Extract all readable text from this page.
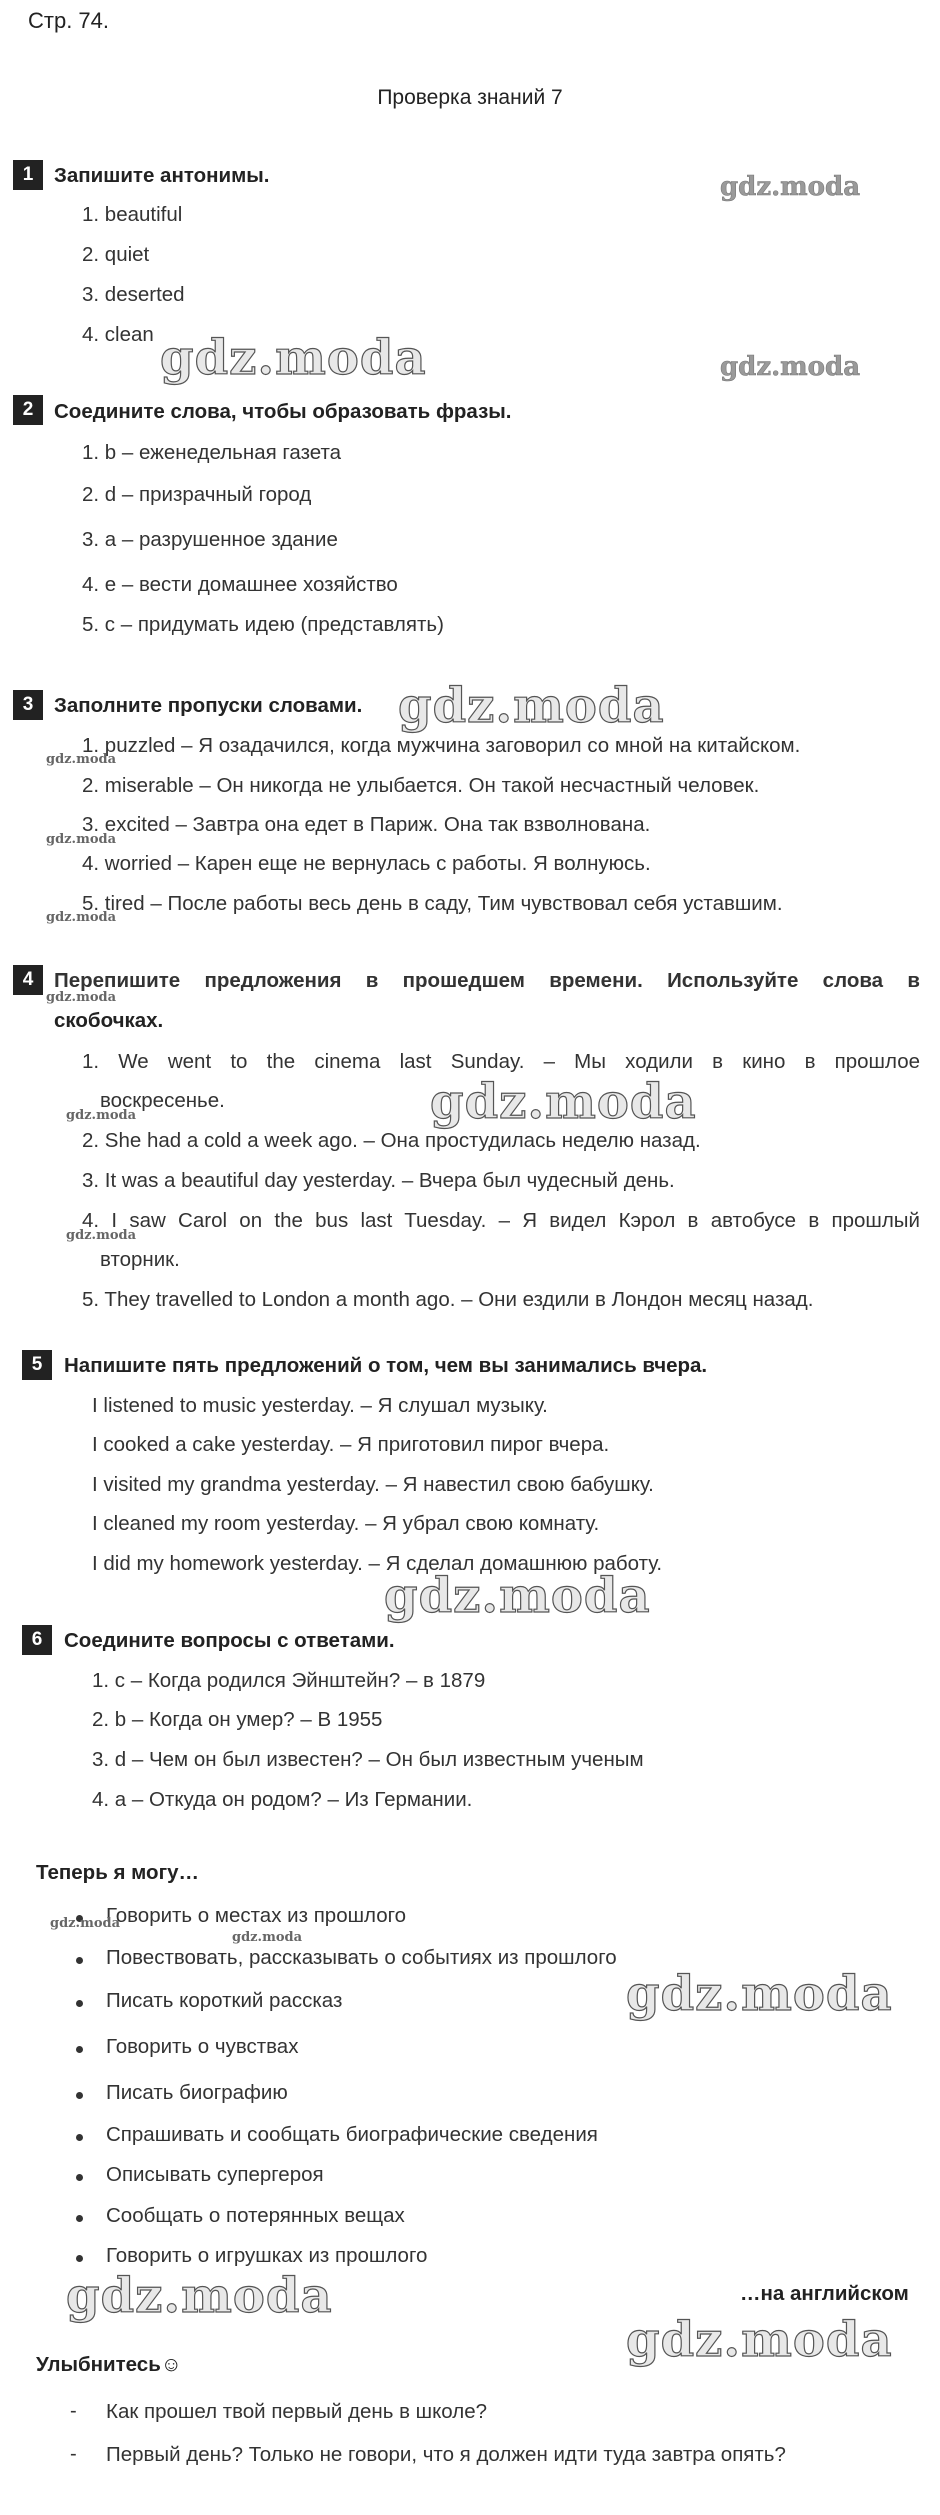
Стр. 74.
Проверка знаний 7
1	Запишите антонимы.
1. beautiful
2. quiet
3. deserted
4. clean
2	Соедините слова, чтобы образовать фразы.
1. b – еженедельная газета
2. d – призрачный город
3. a – разрушенное здание
4. e – вести домашнее хозяйство
5. c – придумать идею (представлять)
3	Заполните пропуски словами.
1. puzzled – Я озадачился, когда мужчина заговорил со мной на китайском.
2. miserable – Он никогда не улыбается. Он такой несчастный человек.
3. excited – Завтра она едет в Париж. Она так взволнована.
4. worried – Карен еще не вернулась с работы. Я волнуюсь.
5. tired – После работы весь день в саду, Тим чувствовал себя уставшим.
4	Перепишите предложения в прошедшем времени. Используйте слова в
скобочках.
1. We went to the cinema last Sunday. – Мы ходили в кино в прошлое
воскресенье.
2. She had a cold a week ago. – Она простудилась неделю назад.
3. It was a beautiful day yesterday. – Вчера был чудесный день.
4. I saw Carol on the bus last Tuesday. – Я видел Кэрол в автобусе в прошлый
вторник.
5. They travelled to London a month ago. – Они ездили в Лондон месяц назад.
5	Напишите пять предложений о том, чем вы занимались вчера.
I listened to music yesterday. – Я слушал музыку.
I cooked a cake yesterday. – Я приготовил пирог вчера.
I visited my grandma yesterday. – Я навестил свою бабушку.
I cleaned my room yesterday. – Я убрал свою комнату.
I did my homework yesterday. – Я сделал домашнюю работу.
6	Соедините вопросы с ответами.
1. c – Когда родился Эйнштейн? – в 1879
2. b – Когда он умер? – В 1955
3. d – Чем он был известен? – Он был известным ученым
4. a – Откуда он родом? – Из Германии.
Теперь я могу…
Говорить о местах из прошлого
Повествовать, рассказывать о событиях из прошлого
Писать короткий рассказ
Говорить о чувствах
Писать биографию
Спрашивать и сообщать биографические сведения
Описывать супергероя
Сообщать о потерянных вещах
Говорить о игрушках из прошлого
…на английском
Улыбнитесь☺
- Как прошел твой первый день в школе?
- Первый день? Только не говори, что я должен идти туда завтра опять?
gdz.moda
gdz.moda	gdz.moda
gdz.moda
gdz.moda
gdz.moda
gdz.moda
gdz.moda
gdz.moda	gdz.moda
gdz.moda
gdz.moda
gdz.moda
gdz.moda
gdz.moda
gdz.moda
gdz.moda
